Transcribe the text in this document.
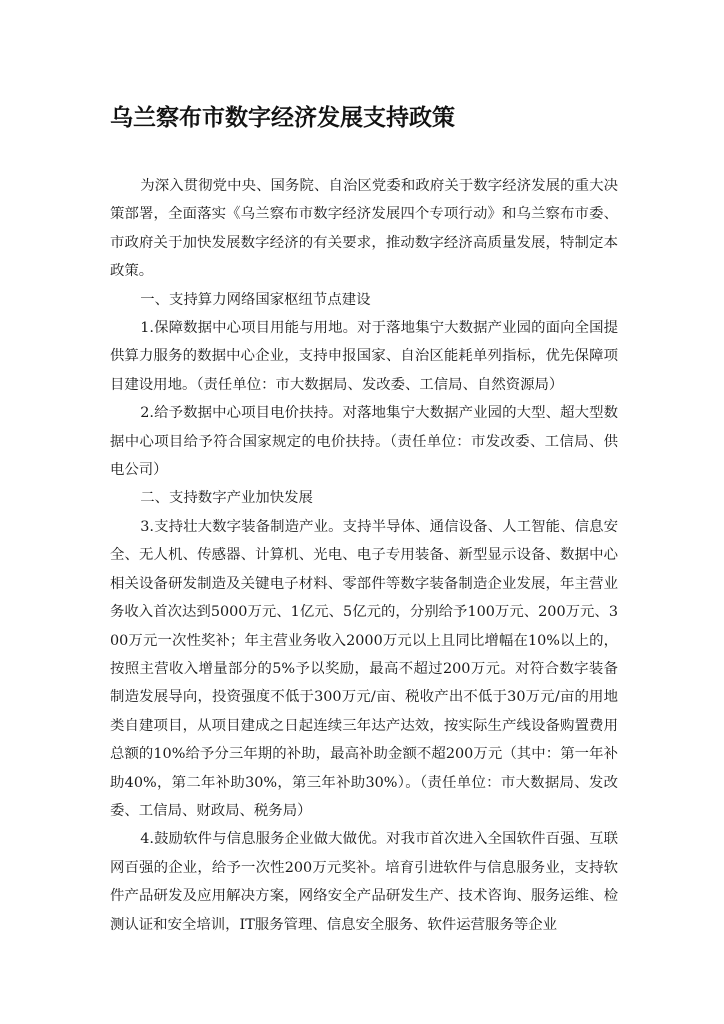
乌兰察布市数字经济发展支持政策

为深入贯彻党中央、国务院、自治区党委和政府关于数字经济发展的重大决策部署，全面落实《乌兰察布市数字经济发展四个专项行动》和乌兰察布市委、市政府关于加快发展数字经济的有关要求，推动数字经济高质量发展，特制定本政策。

一、支持算力网络国家枢纽节点建设

1.保障数据中心项目用能与用地。对于落地集宁大数据产业园的面向全国提供算力服务的数据中心企业，支持申报国家、自治区能耗单列指标，优先保障项目建设用地。（责任单位：市大数据局、发改委、工信局、自然资源局）

2.给予数据中心项目电价扶持。对落地集宁大数据产业园的大型、超大型数据中心项目给予符合国家规定的电价扶持。（责任单位：市发改委、工信局、供电公司）

二、支持数字产业加快发展

3.支持壮大数字装备制造产业。支持半导体、通信设备、人工智能、信息安全、无人机、传感器、计算机、光电、电子专用装备、新型显示设备、数据中心相关设备研发制造及关键电子材料、零部件等数字装备制造企业发展，年主营业务收入首次达到5000万元、1亿元、5亿元的，分别给予100万元、200万元、300万元一次性奖补；年主营业务收入2000万元以上且同比增幅在10%以上的，按照主营收入增量部分的5%予以奖励，最高不超过200万元。对符合数字装备制造发展导向，投资强度不低于300万元/亩、税收产出不低于30万元/亩的用地类自建项目，从项目建成之日起连续三年达产达效，按实际生产线设备购置费用总额的10%给予分三年期的补助，最高补助金额不超200万元（其中：第一年补助40%，第二年补助30%，第三年补助30%）。（责任单位：市大数据局、发改委、工信局、财政局、税务局）

4.鼓励软件与信息服务企业做大做优。对我市首次进入全国软件百强、互联网百强的企业，给予一次性200万元奖补。培育引进软件与信息服务业，支持软件产品研发及应用解决方案，网络安全产品研发生产、技术咨询、服务运维、检测认证和安全培训，IT服务管理、信息安全服务、软件运营服务等企业
